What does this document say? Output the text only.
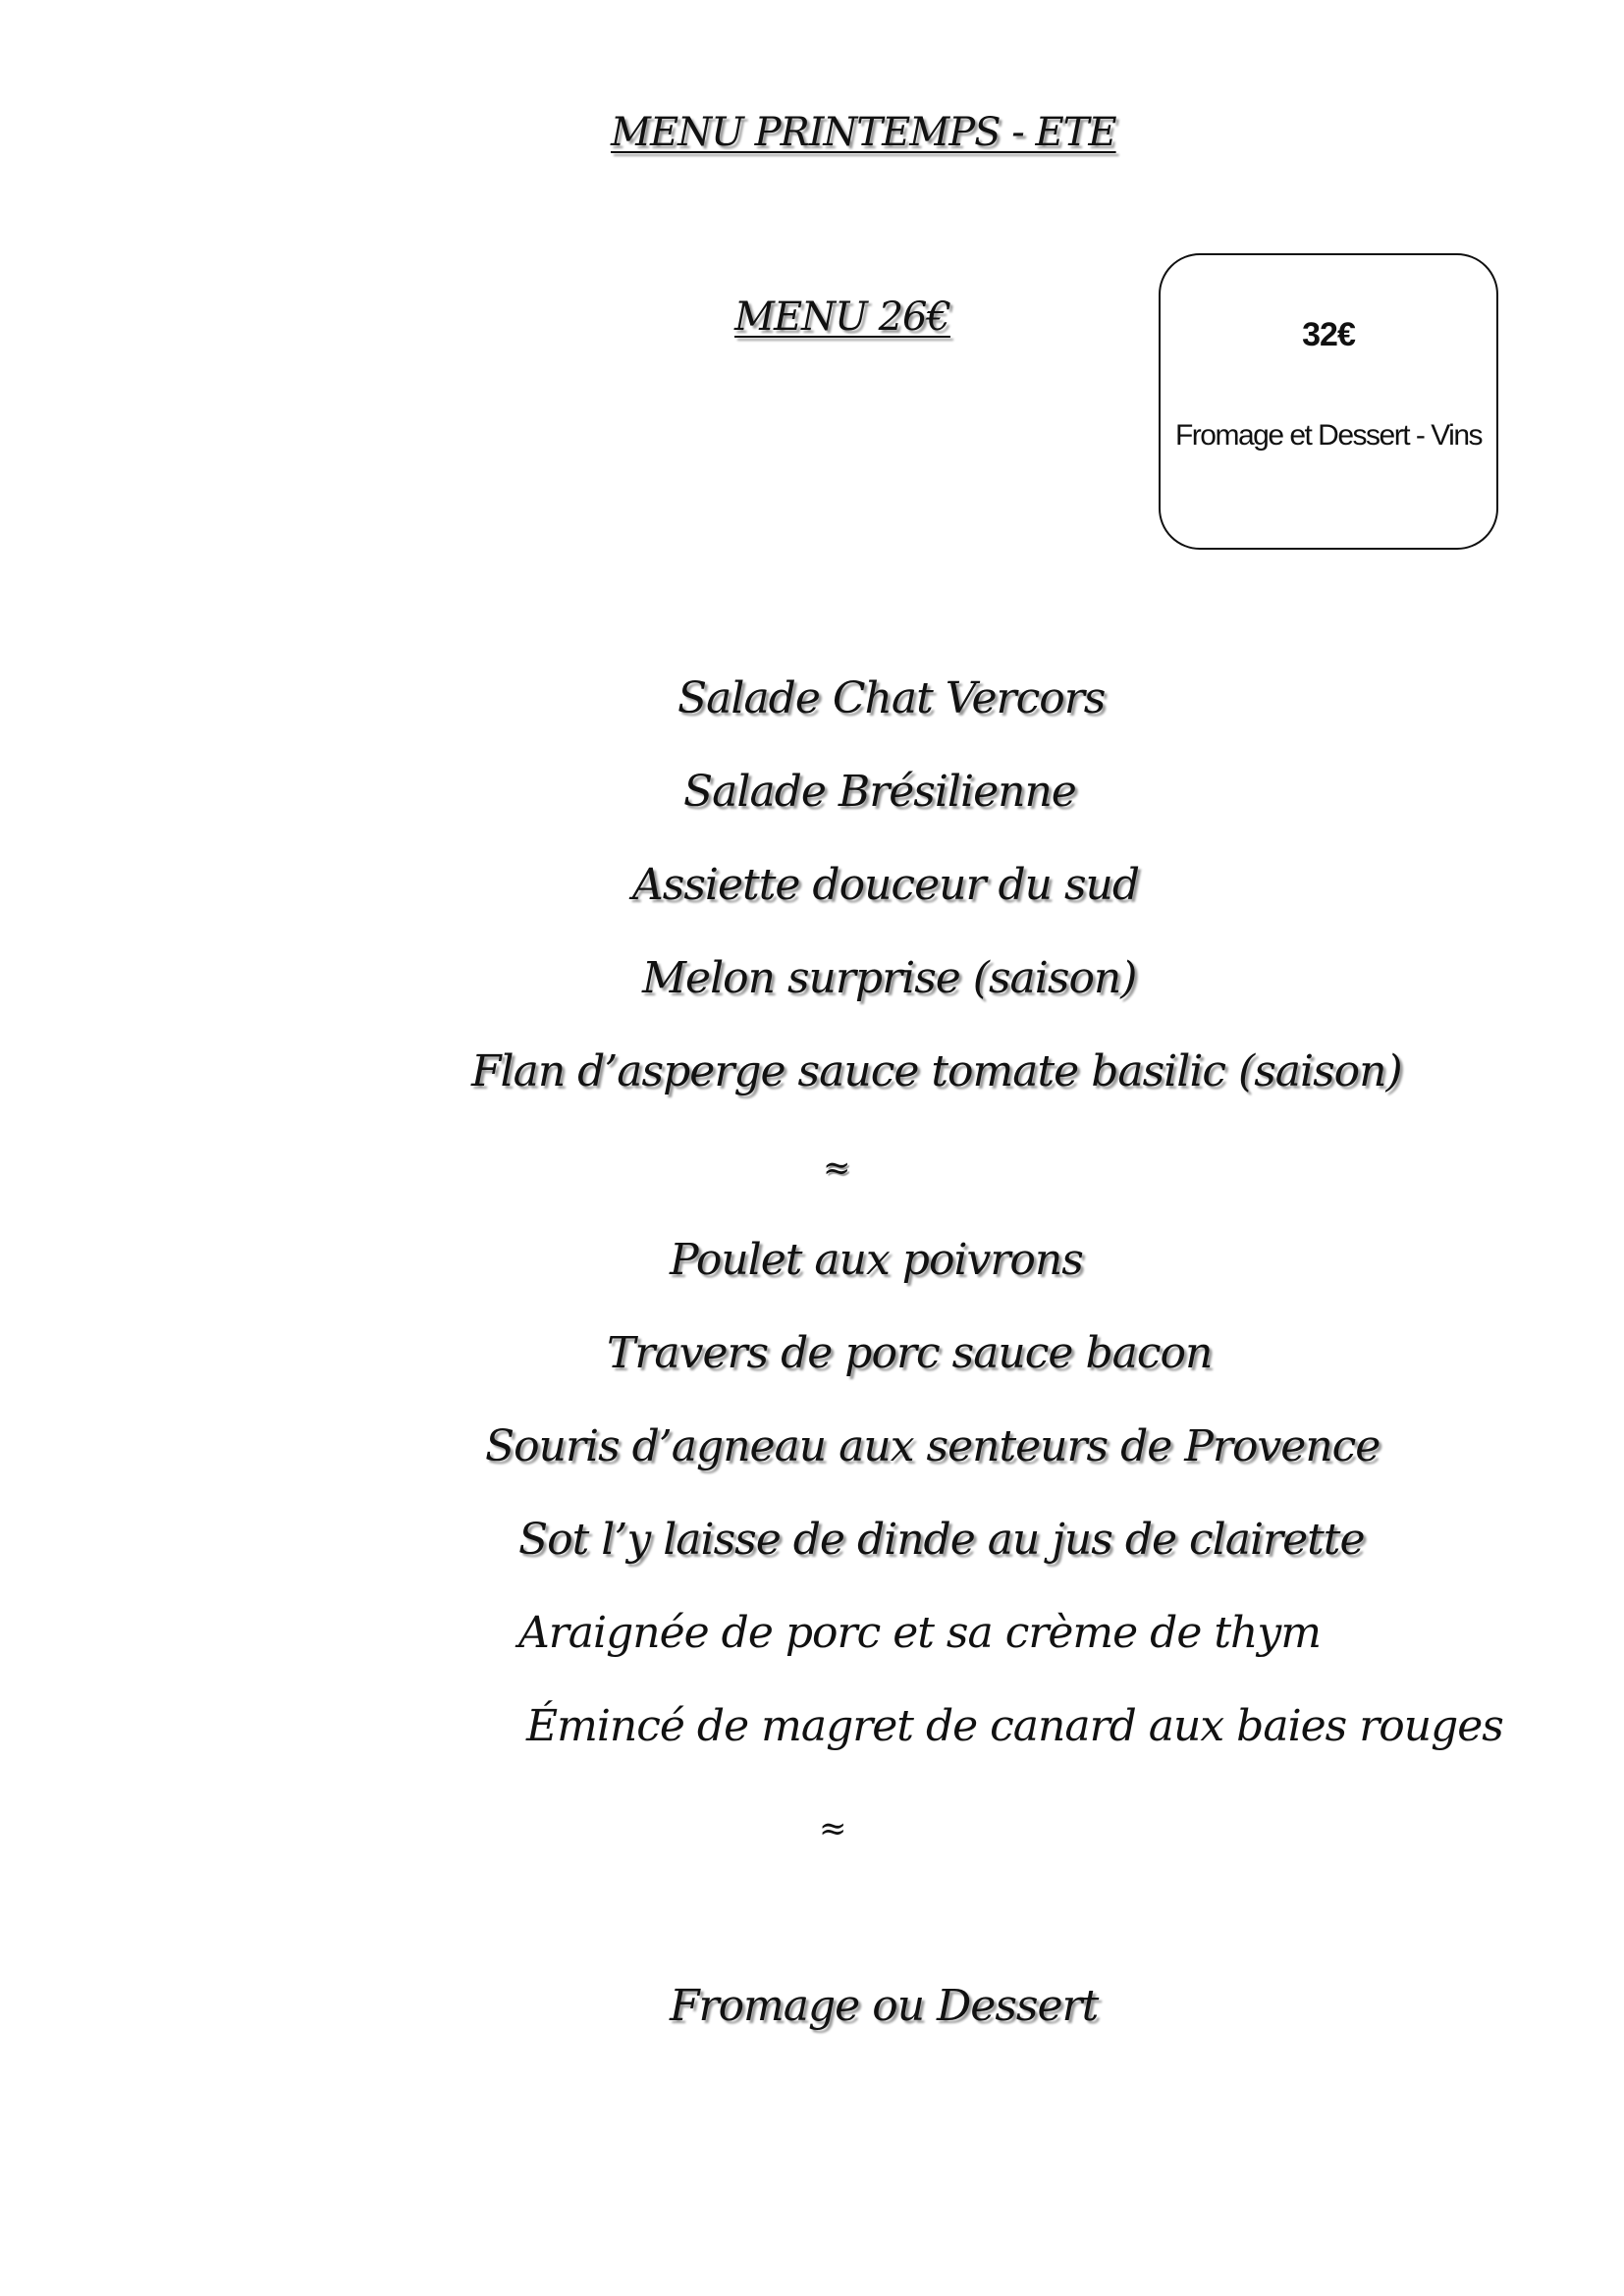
MENU PRINTEMPS - ETE
MENU 26€	32€
Fromage et Dessert - Vins
Salade Chat Vercors
Salade Brésilienne
Assiette douceur du sud
Melon surprise (saison)
Flan d’asperge sauce tomate basilic (saison)
≈
Poulet aux poivrons
Travers de porc sauce bacon
Souris d’agneau aux senteurs de Provence
Sot l’y laisse de dinde au jus de clairette
Araignée de porc et sa crème de thym
Émincé de magret de canard aux baies rouges
≈
Fromage ou Dessert
